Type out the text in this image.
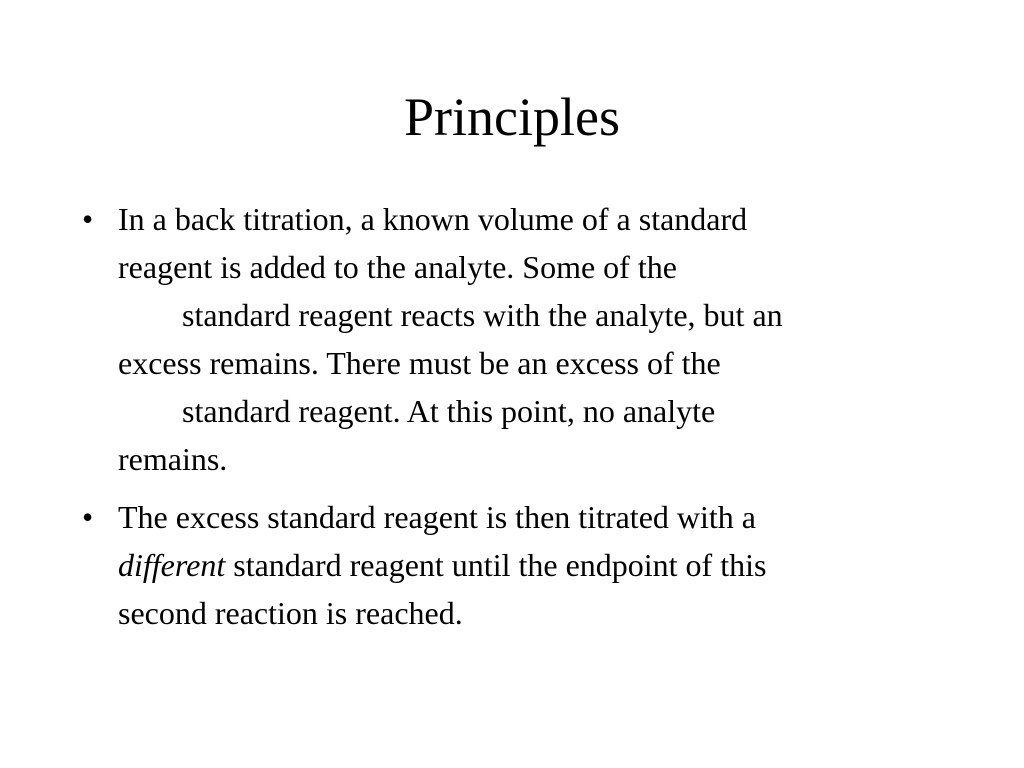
Principles
• In a back titration, a known volume of a standard
reagent is added to the analyte. Some of the
standard reagent reacts with the analyte, but an
excess remains. There must be an excess of the
standard reagent. At this point, no analyte
remains.
• The excess standard reagent is then titrated with a
different standard reagent until the endpoint of this
second reaction is reached.
